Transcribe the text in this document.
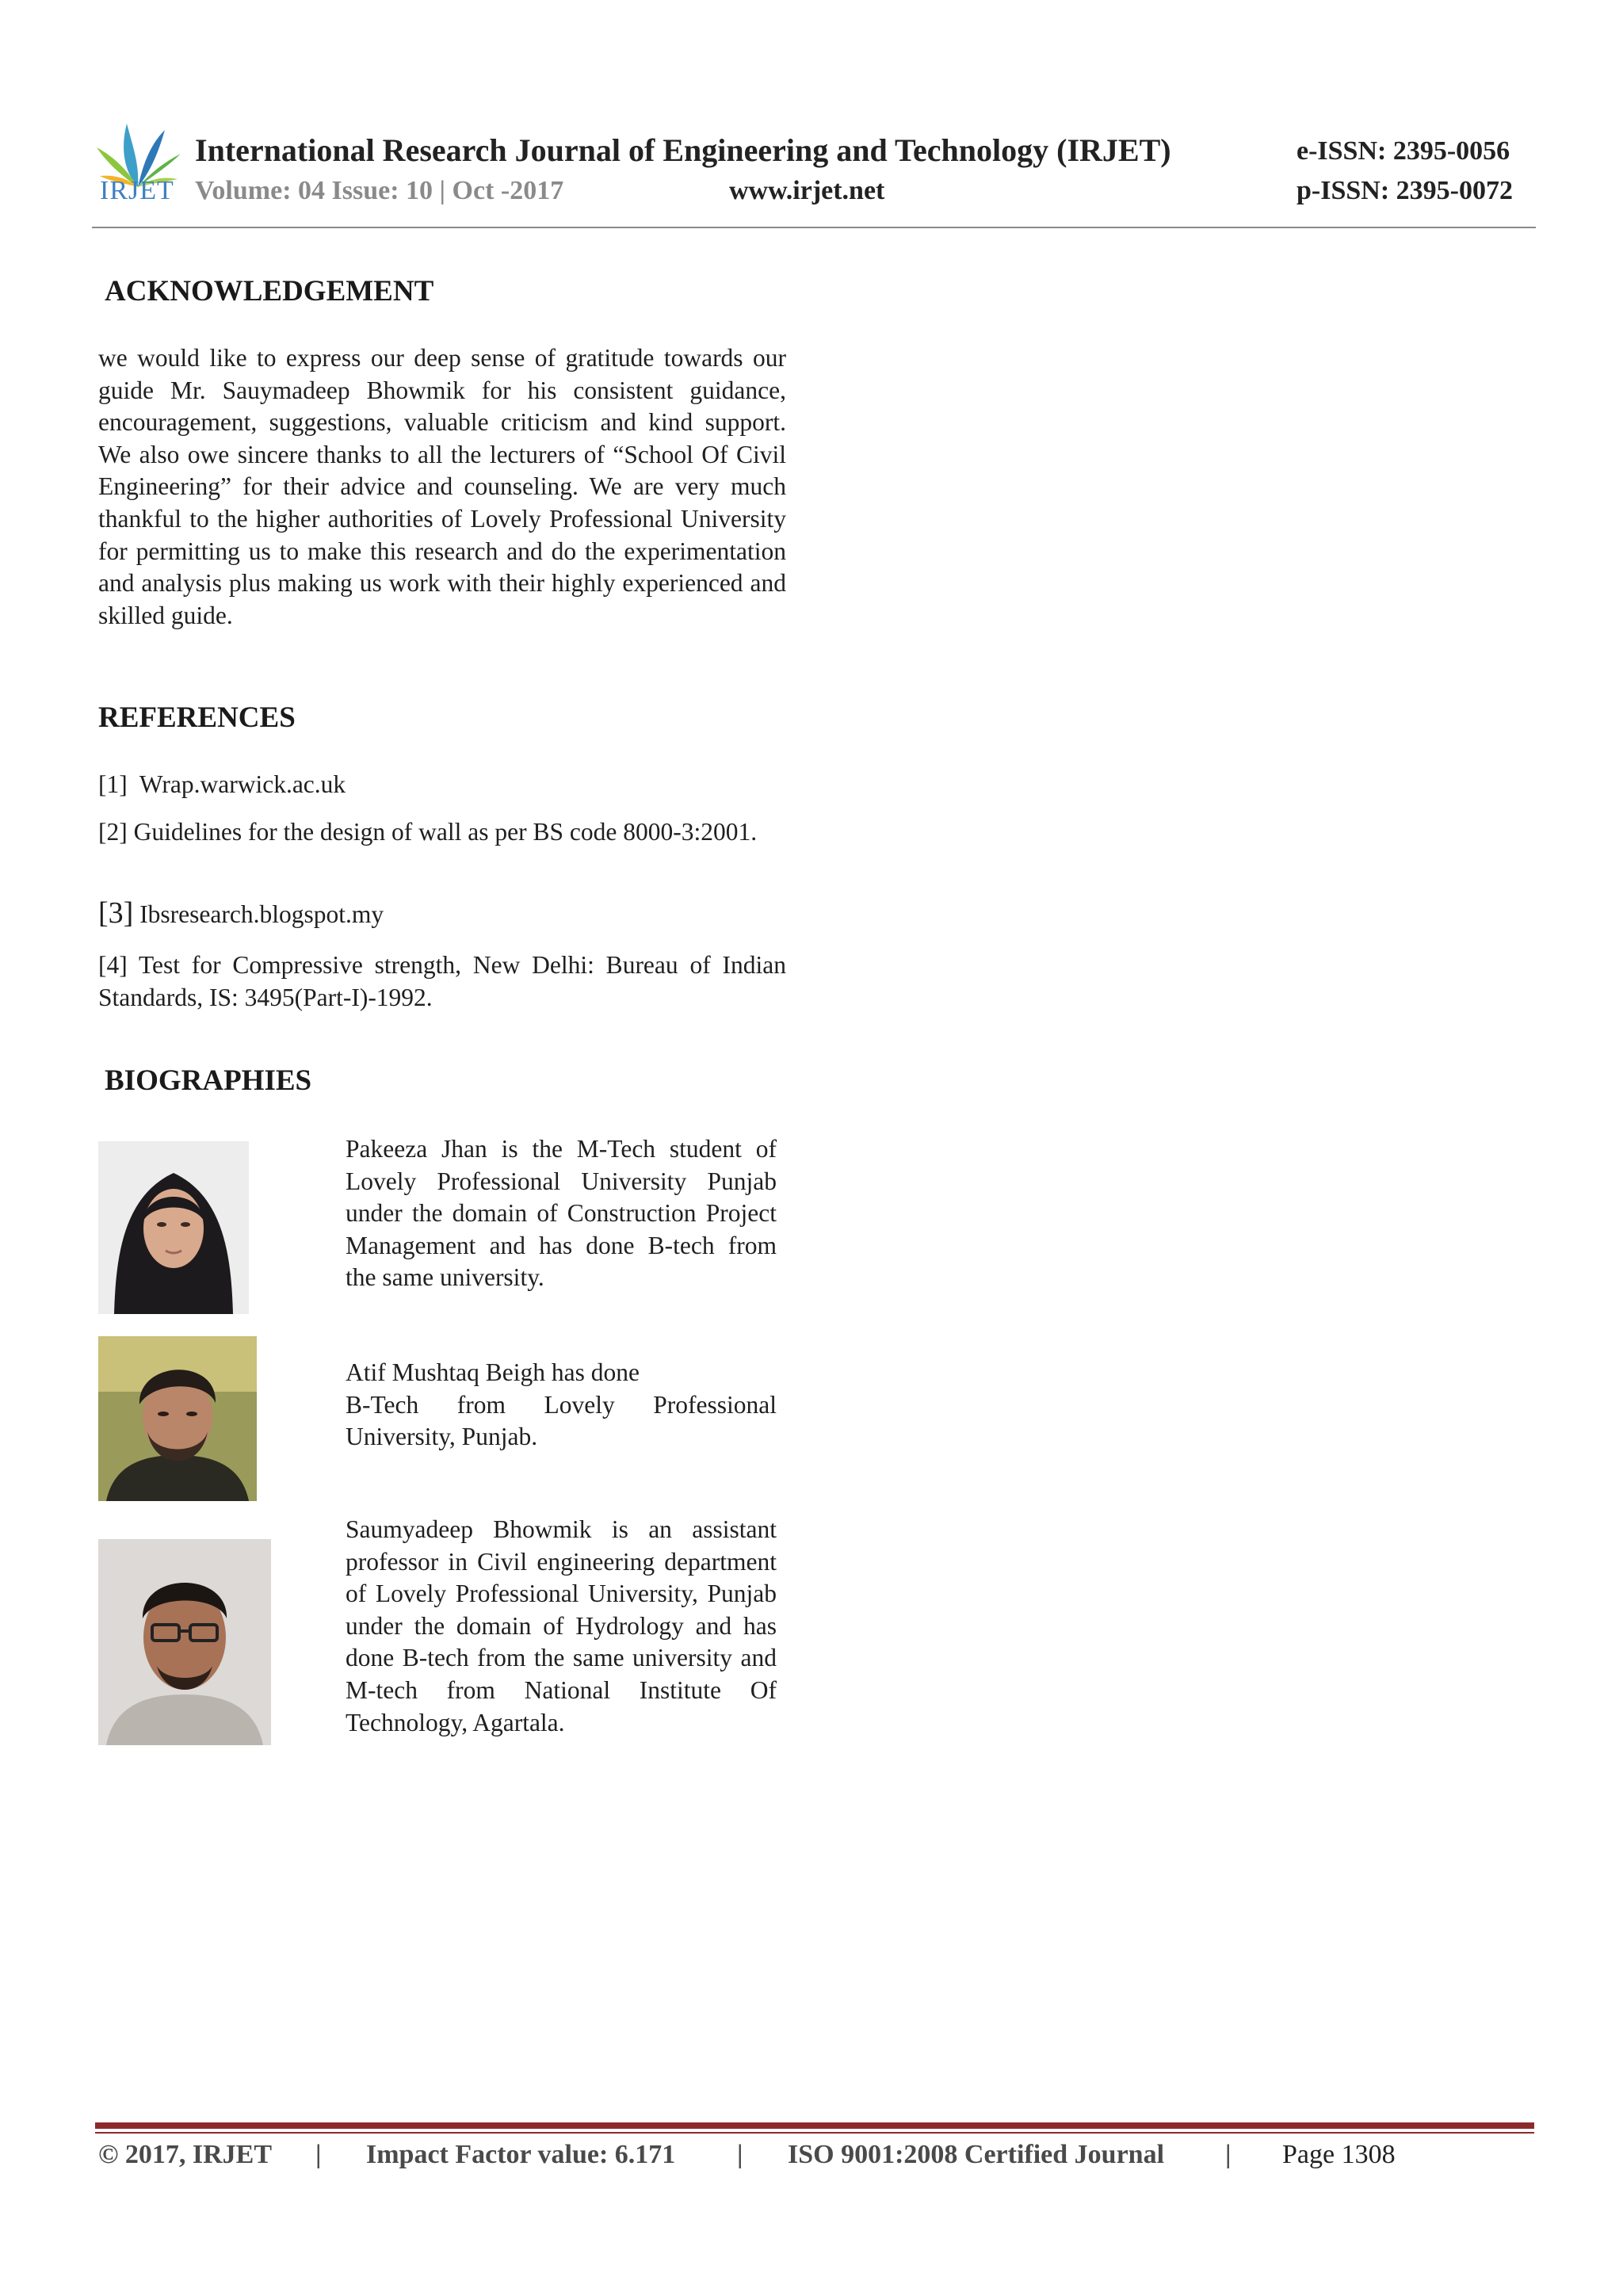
IRJET
International Research Journal of Engineering and Technology (IRJET)	e-ISSN: 2395-0056
Volume: 04 Issue: 10 | Oct -2017	www.irjet.net	p-ISSN: 2395-0072
ACKNOWLEDGEMENT
we would like to express our deep sense of gratitude towards our guide Mr. Sauymadeep Bhowmik for his consistent guidance, encouragement, suggestions, valuable criticism and kind support. We also owe sincere thanks to all the lecturers of “School Of Civil Engineering” for their advice and counseling. We are very much thankful to the higher authorities of Lovely Professional University for permitting us to make this research and do the experimentation and analysis plus making us work with their highly experienced and skilled guide.
REFERENCES
[1] Wrap.warwick.ac.uk
[2] Guidelines for the design of wall as per BS code 8000-3:2001.
[3] Ibsresearch.blogspot.my
[4] Test for Compressive strength, New Delhi: Bureau of Indian Standards, IS: 3495(Part-I)-1992.
BIOGRAPHIES
Pakeeza Jhan is the M-Tech student of Lovely Professional University Punjab under the domain of Construction Project Management and has done B-tech from the same university.
Atif Mushtaq Beigh has done
B-Tech from Lovely Professional University, Punjab.
Saumyadeep Bhowmik is an assistant professor in Civil engineering department of Lovely Professional University, Punjab under the domain of Hydrology and has done B-tech from the same university and M-tech from National Institute Of Technology, Agartala.
© 2017, IRJET | Impact Factor value: 6.171 | ISO 9001:2008 Certified Journal | Page 1308
